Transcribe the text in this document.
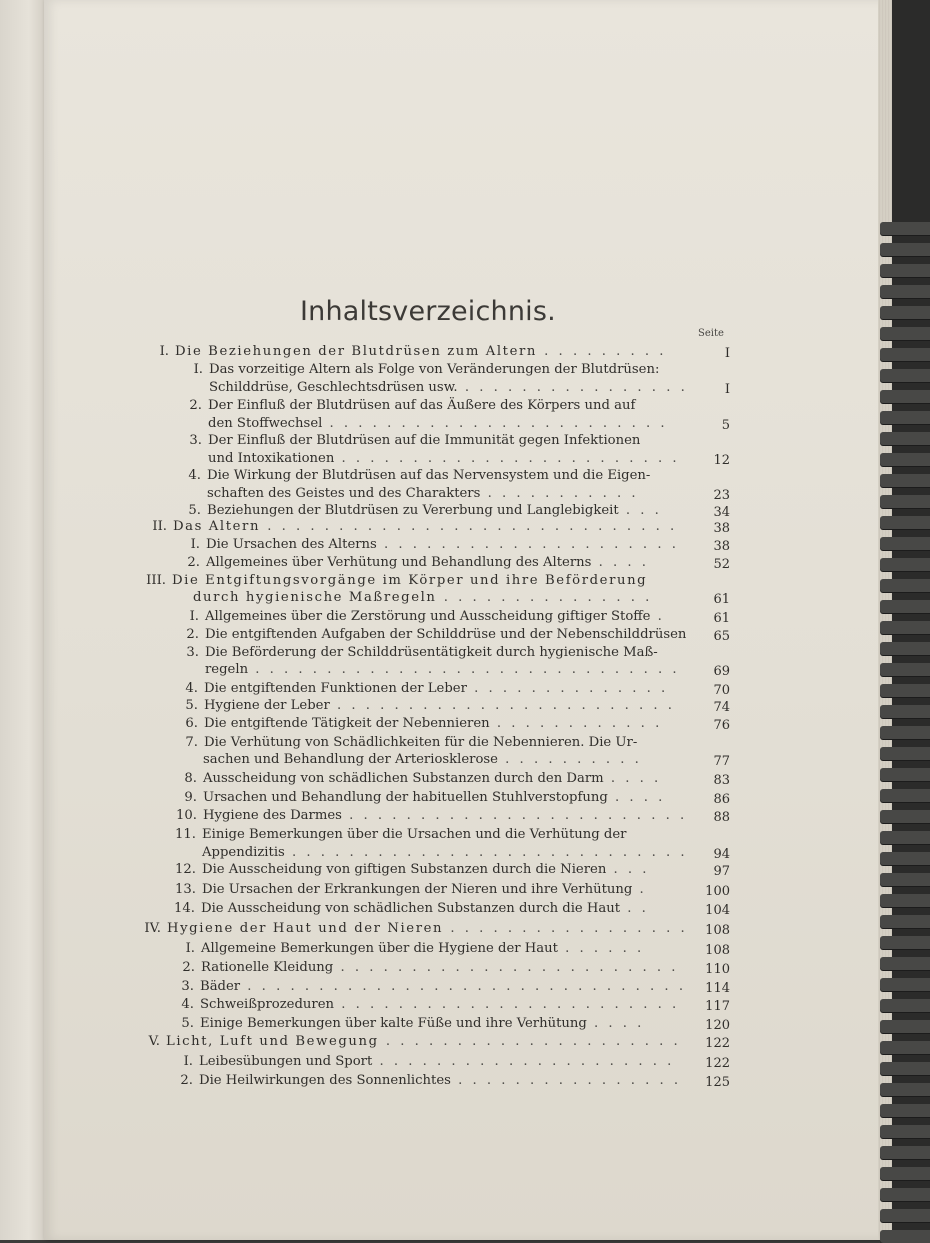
Inhaltsverzeichnis.
Seite
I. Die Beziehungen der Blutdrüsen zum Altern . . . . . . . . .	I
I. Das vorzeitige Altern als Folge von Veränderungen der Blutdrüsen:
Schilddrüse, Geschlechtsdrüsen usw. . . . . . . . . . . . . . . . .	I
2. Der Einfluß der Blutdrüsen auf das Äußere des Körpers und auf
den Stoffwechsel . . . . . . . . . . . . . . . . . . . . . . . .	5
3. Der Einfluß der Blutdrüsen auf die Immunität gegen Infektionen
und Intoxikationen . . . . . . . . . . . . . . . . . . . . . . . .	12
4. Die Wirkung der Blutdrüsen auf das Nervensystem und die Eigen-
schaften des Geistes und des Charakters . . . . . . . . . . .	23
5. Beziehungen der Blutdrüsen zu Vererbung und Langlebigkeit . . .	34
II. Das Altern . . . . . . . . . . . . . . . . . . . . . . . . . . . . .	38
I. Die Ursachen des Alterns . . . . . . . . . . . . . . . . . . . . .	38
2. Allgemeines über Verhütung und Behandlung des Alterns . . . .	52
III. Die Entgiftungsvorgänge im Körper und ihre Beförderung
durch hygienische Maßregeln . . . . . . . . . . . . . . .	61
I. Allgemeines über die Zerstörung und Ausscheidung giftiger Stoffe .	61
2. Die entgiftenden Aufgaben der Schilddrüse und der Nebenschilddrüsen	65
3. Die Beförderung der Schilddrüsentätigkeit durch hygienische Maß-
regeln . . . . . . . . . . . . . . . . . . . . . . . . . . . . . .	69
4. Die entgiftenden Funktionen der Leber . . . . . . . . . . . . . .	70
5. Hygiene der Leber . . . . . . . . . . . . . . . . . . . . . . . .	74
6. Die entgiftende Tätigkeit der Nebennieren . . . . . . . . . . . .	76
7. Die Verhütung von Schädlichkeiten für die Nebennieren. Die Ur-
sachen und Behandlung der Arteriosklerose . . . . . . . . . .	77
8. Ausscheidung von schädlichen Substanzen durch den Darm . . . .	83
9. Ursachen und Behandlung der habituellen Stuhlverstopfung . . . .	86
10. Hygiene des Darmes . . . . . . . . . . . . . . . . . . . . . . . .	88
11. Einige Bemerkungen über die Ursachen und die Verhütung der
Appendizitis . . . . . . . . . . . . . . . . . . . . . . . . . . . .	94
12. Die Ausscheidung von giftigen Substanzen durch die Nieren . . .	97
13. Die Ursachen der Erkrankungen der Nieren und ihre Verhütung .	100
14. Die Ausscheidung von schädlichen Substanzen durch die Haut . .	104
IV. Hygiene der Haut und der Nieren . . . . . . . . . . . . . . . . .	108
I. Allgemeine Bemerkungen über die Hygiene der Haut . . . . . .	108
2. Rationelle Kleidung . . . . . . . . . . . . . . . . . . . . . . . .	110
3. Bäder . . . . . . . . . . . . . . . . . . . . . . . . . . . . . . .	114
4. Schweißprozeduren . . . . . . . . . . . . . . . . . . . . . . . .	117
5. Einige Bemerkungen über kalte Füße und ihre Verhütung . . . .	120
V. Licht, Luft und Bewegung . . . . . . . . . . . . . . . . . . . . .	122
I. Leibesübungen und Sport . . . . . . . . . . . . . . . . . . . . .	122
2. Die Heilwirkungen des Sonnenlichtes . . . . . . . . . . . . . . . .	125
